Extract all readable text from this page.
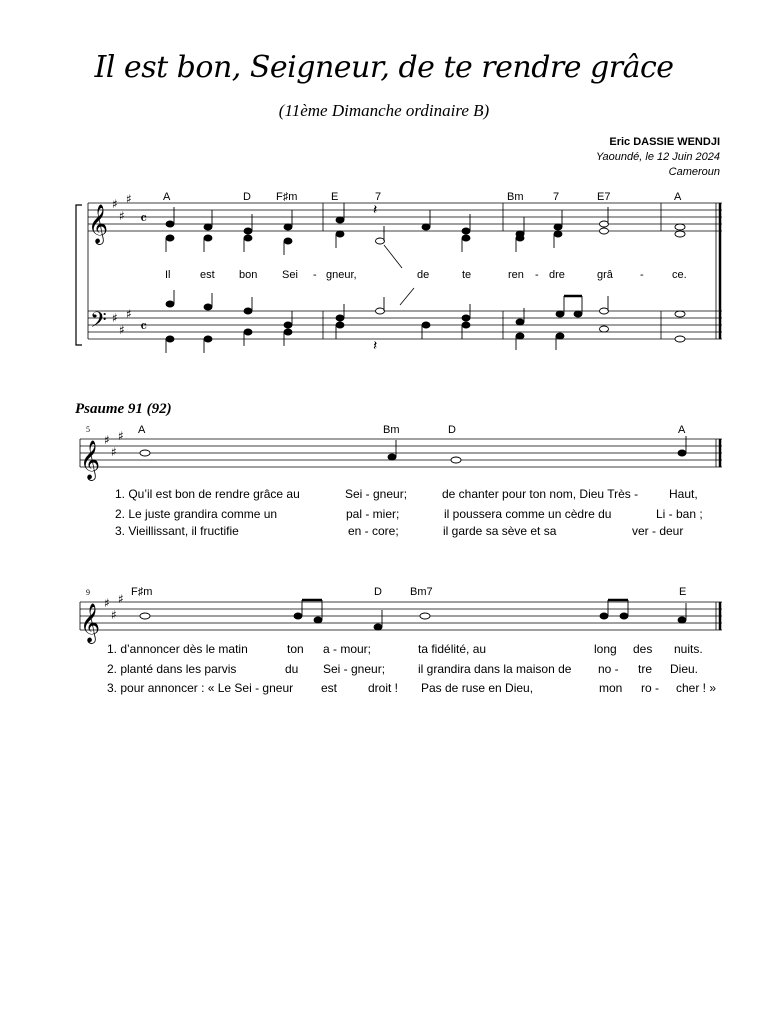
Il est bon, Seigneur, de te rendre grâce
(11ème Dimanche ordinaire B)
Eric DASSIE WENDJI
Yaoundé, le 12 Juin 2024
Cameroun
𝄞
𝄢
𝄞
𝄞
♯
♯
♯
♯
♯
♯
♯
♯
♯
♯
♯
♯
𝄴
𝄴
𝄽
𝄽
A	D F♯m	E	7	Bm	7	E7	A
Il	est bon Sei - gneur,	de	te	ren - dre	grâ -	ce.
Psaume 91 (92)
5	A	Bm	D	A
1. Qu’il est bon de rendre grâce au	Sei - gneur;	de chanter pour ton nom, Dieu Très -	Haut,
2. Le juste grandira comme un	pal - mier;	il poussera comme un cèdre du	Li - ban ;
3. Vieillissant, il fructifie	en - core;	il garde sa sève et sa	ver - deur
9	F♯m	D	Bm7	E
1. d’annoncer dès le matin	ton a - mour;	ta fidélité, au	long des nuits.
2. planté dans les parvis	du Sei - gneur;	il grandira dans la maison de no - tre Dieu.
3. pour annoncer : « Le Sei - gneur est	droit ! Pas de ruse en Dieu,	mon ro - cher ! »
